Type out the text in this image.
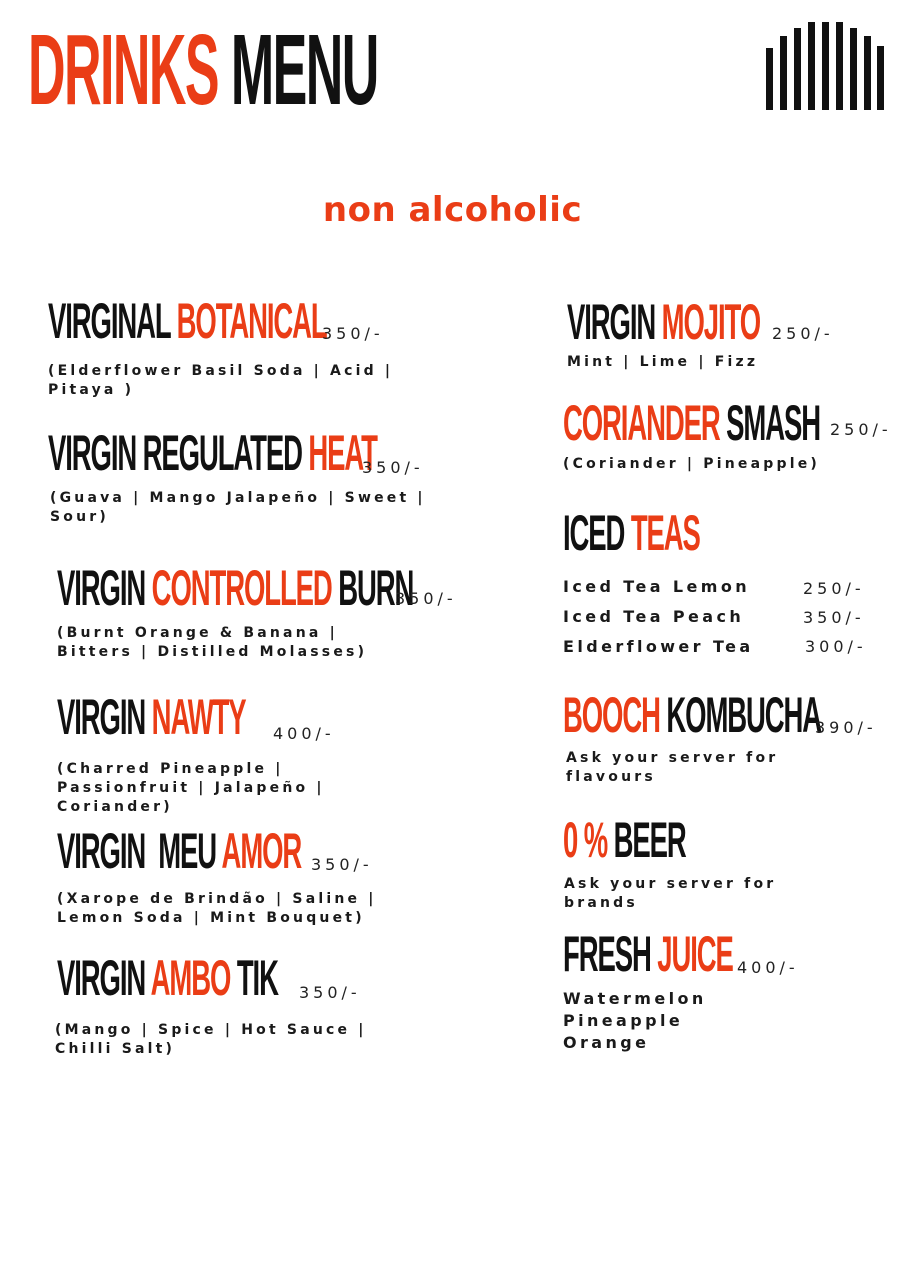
DRINKS MENU
non alcoholic
VIRGINAL BOTANICAL
350/-
(Elderflower Basil Soda | Acid | Pitaya )
VIRGIN REGULATED HEAT
350/-
(Guava | Mango Jalapeño | Sweet | Sour)
VIRGIN CONTROLLED BURN
350/-
(Burnt Orange & Banana | Bitters | Distilled Molasses)
VIRGIN NAWTY 400/-
(Charred Pineapple | Passionfruit | Jalapeño | Coriander)
VIRGIN  MEU AMOR 350/-
(Xarope de Brindão | Saline | Lemon Soda | Mint Bouquet)
VIRGIN AMBO TIK 350/-
(Mango | Spice | Hot Sauce | Chilli Salt)
VIRGIN MOJITO 250/-
Mint | Lime | Fizz
CORIANDER SMASH 250/-
(Coriander | Pineapple)
ICED TEAS
Iced Tea Lemon	250/-
Iced Tea Peach	350/-
Elderflower Tea	300/-
BOOCH KOMBUCHA
390/-
Ask your server for flavours
0 % BEER
Ask your server for brands
FRESH JUICE 400/-
Watermelon
Pineapple
Orange
